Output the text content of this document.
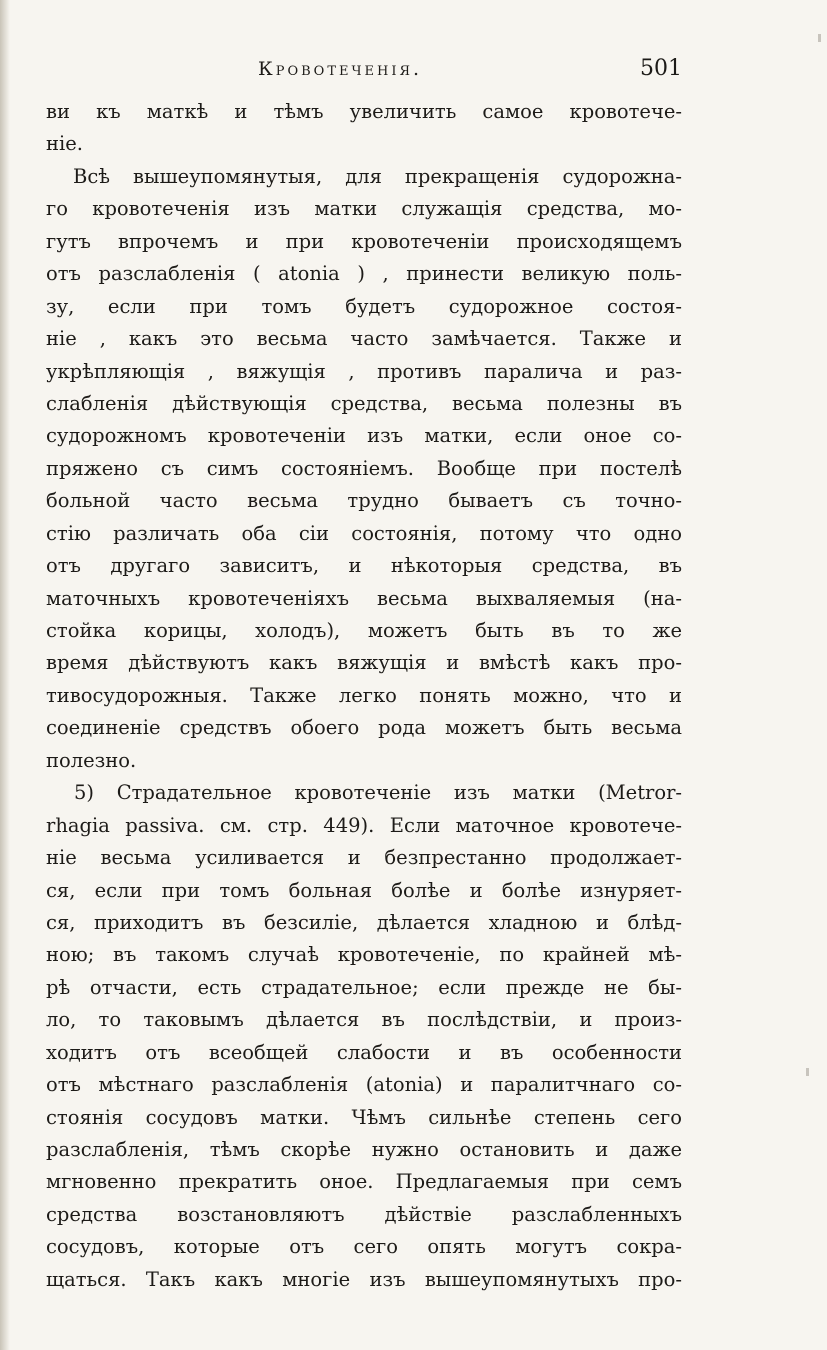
Кровотеченія.	501
ви къ маткѣ и тѣмъ увеличить самое кровотече-
ніе.
Всѣ вышеупомянутыя, для прекращенія судорожна-
го кровотеченія изъ матки служащія средства, мо-
гутъ впрочемъ и при кровотеченіи происходящемъ
отъ разслабленія ( atonia ) , принести великую поль-
зу, если при томъ будетъ судорожное состоя-
ніе , какъ это весьма часто замѣчается. Также и
укрѣпляющія , вяжущія , противъ паралича и раз-
слабленія дѣйствующія средства, весьма полезны въ
судорожномъ кровотеченіи изъ матки, если оное со-
пряжено съ симъ состояніемъ. Вообще при постелѣ
больной часто весьма трудно бываетъ съ точно-
стію различать оба сіи состоянія, потому что одно
отъ другаго зависитъ, и нѣкоторыя средства, въ
маточныхъ кровотеченіяхъ весьма выхваляемыя (на-
стойка корицы, холодъ), можетъ быть въ то же
время дѣйствуютъ какъ вяжущія и вмѣстѣ какъ про-
тивосудорожныя. Также легко понять можно, что и
соединеніе средствъ обоего рода можетъ быть весьма
полезно.
5) Страдательное кровотеченіе изъ матки (Metror-
rhagia passiva. см. стр. 449). Если маточное кровотече-
ніе весьма усиливается и безпрестанно продолжает-
ся, если при томъ больная болѣе и болѣе изнуряет-
ся, приходитъ въ безсиліе, дѣлается хладною и блѣд-
ною; въ такомъ случаѣ кровотеченіе, по крайней мѣ-
рѣ отчасти, есть страдательное; если прежде не бы-
ло, то таковымъ дѣлается въ послѣдствіи, и произ-
ходитъ отъ всеобщей слабости и въ особенности
отъ мѣстнаго разслабленія (atonia) и паралитчнаго со-
стоянія сосудовъ матки. Чѣмъ сильнѣе степень сего
разслабленія, тѣмъ скорѣе нужно остановить и даже
мгновенно прекратить оное. Предлагаемыя при семъ
средства возстановляютъ дѣйствіе разслабленныхъ
сосудовъ, которые отъ сего опять могутъ сокра-
щаться. Такъ какъ многіе изъ вышеупомянутыхъ про-
